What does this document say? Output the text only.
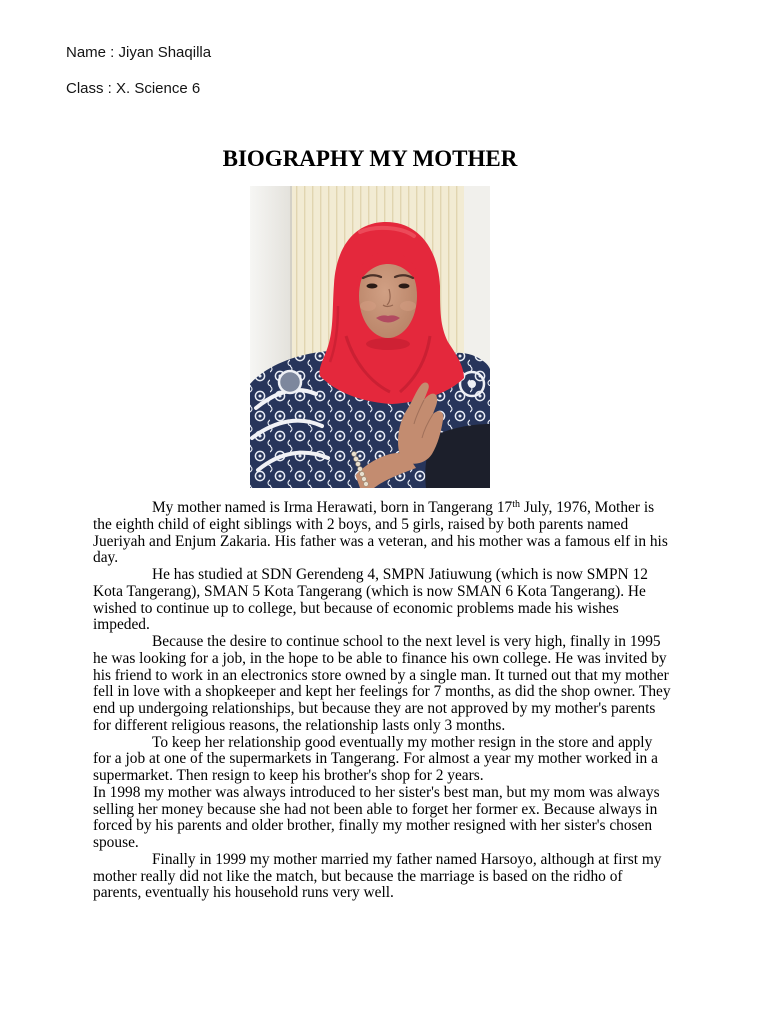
Name : Jiyan Shaqilla
Class : X. Science 6
BIOGRAPHY MY MOTHER
My mother named is Irma Herawati, born in Tangerang 17th July, 1976, Mother is
the eighth child of eight siblings with 2 boys, and 5 girls, raised by both parents named
Jueriyah and Enjum Zakaria. His father was a veteran, and his mother was a famous elf in his
day.
He has studied at SDN Gerendeng 4, SMPN Jatiuwung (which is now SMPN 12
Kota Tangerang), SMAN 5 Kota Tangerang (which is now SMAN 6 Kota Tangerang). He
wished to continue up to college, but because of economic problems made his wishes
impeded.
Because the desire to continue school to the next level is very high, finally in 1995
he was looking for a job, in the hope to be able to finance his own college. He was invited by
his friend to work in an electronics store owned by a single man. It turned out that my mother
fell in love with a shopkeeper and kept her feelings for 7 months, as did the shop owner. They
end up undergoing relationships, but because they are not approved by my mother's parents
for different religious reasons, the relationship lasts only 3 months.
To keep her relationship good eventually my mother resign in the store and apply
for a job at one of the supermarkets in Tangerang. For almost a year my mother worked in a
supermarket. Then resign to keep his brother's shop for 2 years.
In 1998 my mother was always introduced to her sister's best man, but my mom was always
selling her money because she had not been able to forget her former ex. Because always in
forced by his parents and older brother, finally my mother resigned with her sister's chosen
spouse.
Finally in 1999 my mother married my father named Harsoyo, although at first my
mother really did not like the match, but because the marriage is based on the ridho of
parents, eventually his household runs very well.
